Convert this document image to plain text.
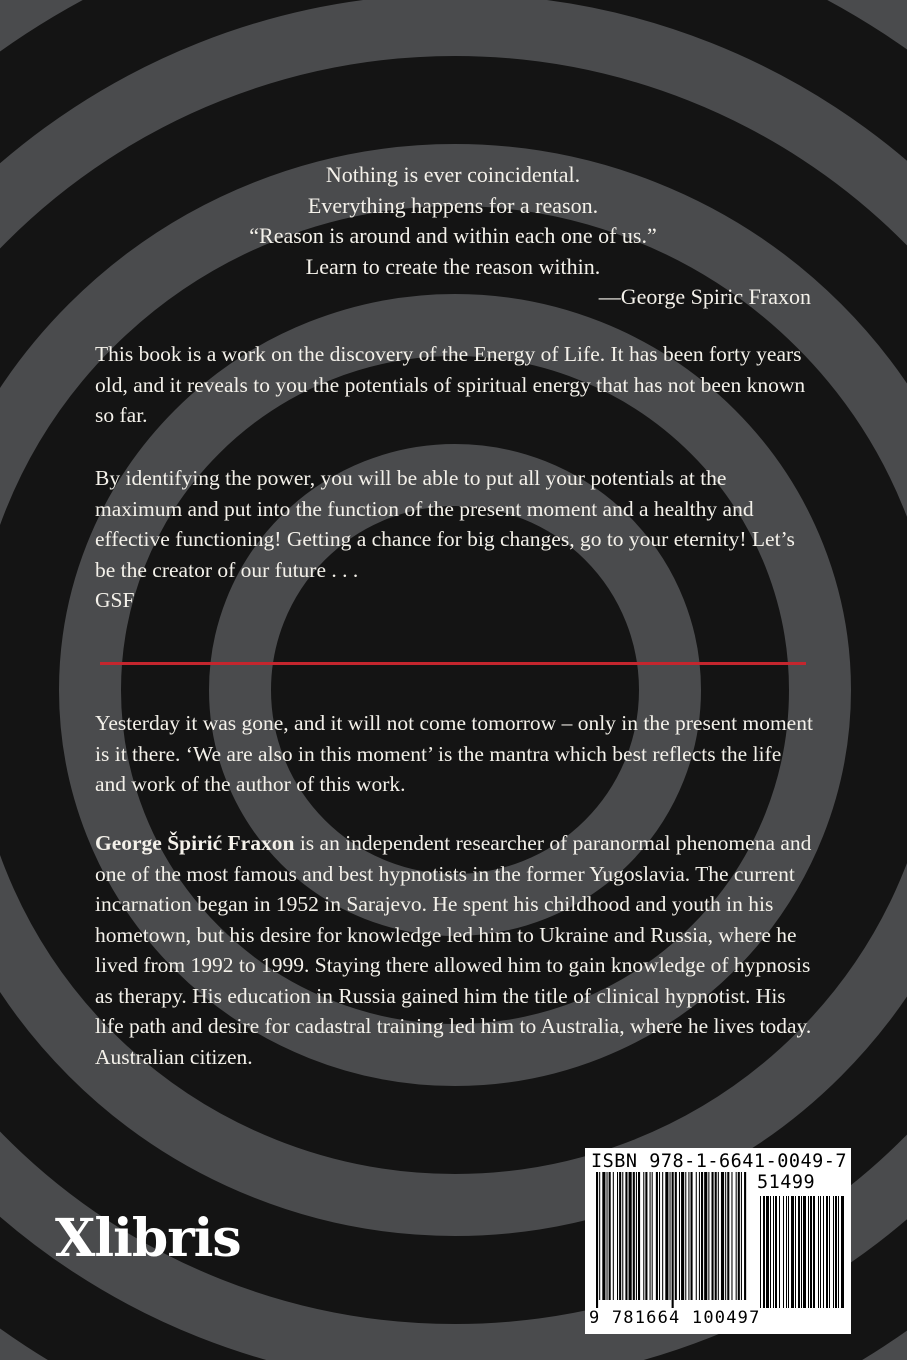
Nothing is ever coincidental.
Everything happens for a reason.
“Reason is around and within each one of us.”
Learn to create the reason within.
—George Spiric Fraxon

This book is a work on the discovery of the Energy of Life. It has been forty years old, and it reveals to you the potentials of spiritual energy that has not been known so far.

By identifying the power, you will be able to put all your potentials at the maximum and put into the function of the present moment and a healthy and effective functioning! Getting a chance for big changes, go to your eternity! Let’s be the creator of our future . . .

GSF

Yesterday it was gone, and it will not come tomorrow – only in the present moment is it there. ‘We are also in this moment’ is the mantra which best reflects the life and work of the author of this work.

George Špirić Fraxon is an independent researcher of paranormal phenomena and one of the most famous and best hypnotists in the former Yugoslavia. The current incarnation began in 1952 in Sarajevo. He spent his childhood and youth in his hometown, but his desire for knowledge led him to Ukraine and Russia, where he lived from 1992 to 1999. Staying there allowed him to gain knowledge of hypnosis as therapy. His education in Russia gained him the title of clinical hypnotist. His life path and desire for cadastral training led him to Australia, where he lives today. Australian citizen.

Xlibris
ISBN 978-1-6641-0049-7
51499
9 781664 100497
